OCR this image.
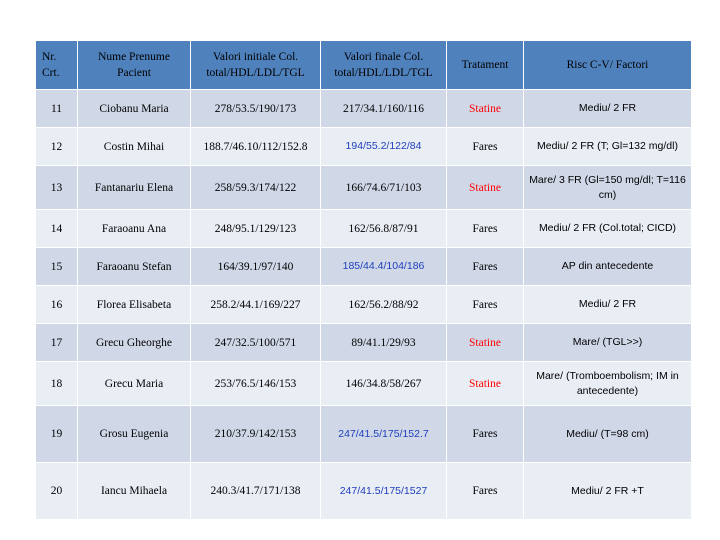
Nr. Crt.	Nume Prenume Pacient	Valori initiale Col. total/HDL/LDL/TGL	Valori finale Col. total/HDL/LDL/TGL	Tratament	Risc C-V/ Factori
11	Ciobanu Maria	278/53.5/190/173	217/34.1/160/116	Statine	Mediu/ 2 FR
12	Costin Mihai	188.7/46.10/112/152.8	194/55.2/122/84	Fares	Mediu/ 2 FR (T; Gl=132 mg/dl)
13	Fantanariu Elena	258/59.3/174/122	166/74.6/71/103	Statine	Mare/ 3 FR (Gl=150 mg/dl; T=116 cm)
14	Faraoanu Ana	248/95.1/129/123	162/56.8/87/91	Fares	Mediu/ 2 FR (Col.total; CICD)
15	Faraoanu Stefan	164/39.1/97/140	185/44.4/104/186	Fares	AP din antecedente
16	Florea Elisabeta	258.2/44.1/169/227	162/56.2/88/92	Fares	Mediu/ 2 FR
17	Grecu Gheorghe	247/32.5/100/571	89/41.1/29/93	Statine	Mare/ (TGL>>)
18	Grecu Maria	253/76.5/146/153	146/34.8/58/267	Statine	Mare/ (Tromboembolism; IM in antecedente)
19	Grosu Eugenia	210/37.9/142/153	247/41.5/175/152.7	Fares	Mediu/ (T=98 cm)
20	Iancu Mihaela	240.3/41.7/171/138	247/41.5/175/1527	Fares	Mediu/ 2 FR +T
